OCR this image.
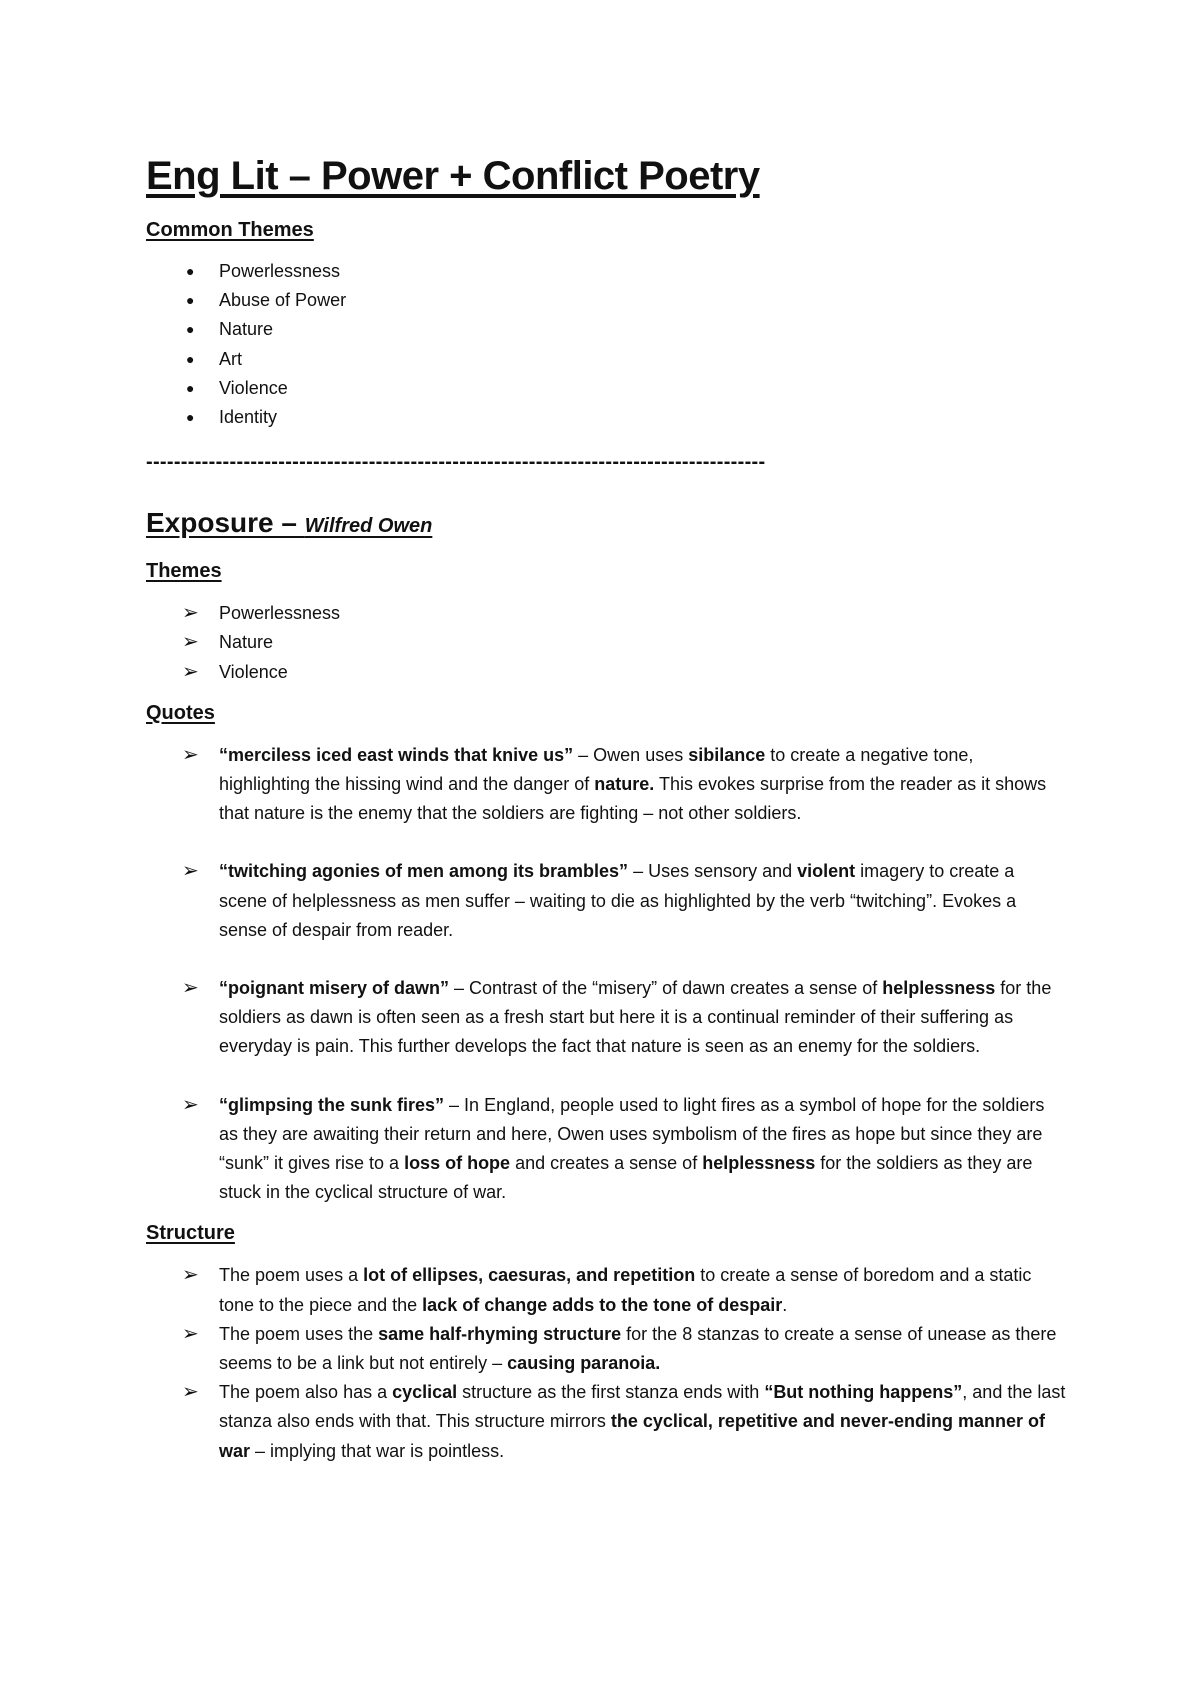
Eng Lit – Power + Conflict Poetry
Common Themes
● Powerlessness
● Abuse of Power
● Nature
● Art
● Violence
● Identity
-----------------------------------------------------------------------------------------
Exposure – Wilfred Owen
Themes
➢ Powerlessness
➢ Nature
➢ Violence
Quotes
➢ “merciless iced east winds that knive us” – Owen uses sibilance to create a negative tone, highlighting the hissing wind and the danger of nature. This evokes surprise from the reader as it shows that nature is the enemy that the soldiers are fighting – not other soldiers.
➢ “twitching agonies of men among its brambles” – Uses sensory and violent imagery to create a scene of helplessness as men suffer – waiting to die as highlighted by the verb “twitching”. Evokes a sense of despair from reader.
➢ “poignant misery of dawn” – Contrast of the “misery” of dawn creates a sense of helplessness for the soldiers as dawn is often seen as a fresh start but here it is a continual reminder of their suffering as everyday is pain. This further develops the fact that nature is seen as an enemy for the soldiers.
➢ “glimpsing the sunk fires” – In England, people used to light fires as a symbol of hope for the soldiers as they are awaiting their return and here, Owen uses symbolism of the fires as hope but since they are “sunk” it gives rise to a loss of hope and creates a sense of helplessness for the soldiers as they are stuck in the cyclical structure of war.
Structure
➢ The poem uses a lot of ellipses, caesuras, and repetition to create a sense of boredom and a static tone to the piece and the lack of change adds to the tone of despair.
➢ The poem uses the same half-rhyming structure for the 8 stanzas to create a sense of unease as there seems to be a link but not entirely – causing paranoia.
➢ The poem also has a cyclical structure as the first stanza ends with “But nothing happens”, and the last stanza also ends with that. This structure mirrors the cyclical, repetitive and never-ending manner of war – implying that war is pointless.
